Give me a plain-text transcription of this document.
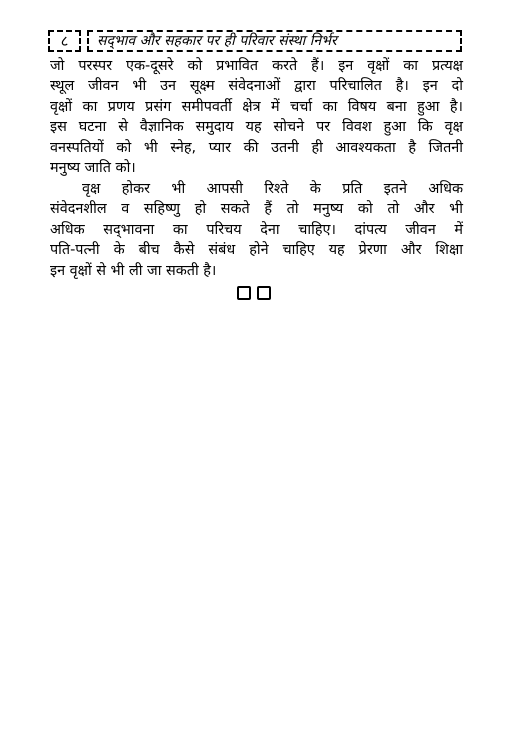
८	सद्‌भाव और सहकार पर ही परिवार संस्था निर्भर
जो परस्पर एक-दूसरे को प्रभावित करते हैं। इन वृक्षों का प्रत्यक्ष
स्थूल जीवन भी उन सूक्ष्म संवेदनाओं द्वारा परिचालित है। इन दो
वृक्षों का प्रणय प्रसंग समीपवर्ती क्षेत्र में चर्चा का विषय बना हुआ है।
इस घटना से वैज्ञानिक समुदाय यह सोचने पर विवश हुआ कि वृक्ष
वनस्पतियों को भी स्नेह, प्यार की उतनी ही आवश्यकता है जितनी
मनुष्य जाति को।
वृक्ष होकर भी आपसी रिश्ते के प्रति इतने अधिक
संवेदनशील व सहिष्णु हो सकते हैं तो मनुष्य को तो और भी
अधिक सद्‌भावना का परिचय देना चाहिए। दांपत्य जीवन में
पति-पत्नी के बीच कैसे संबंध होने चाहिए यह प्रेरणा और शिक्षा
इन वृक्षों से भी ली जा सकती है।
